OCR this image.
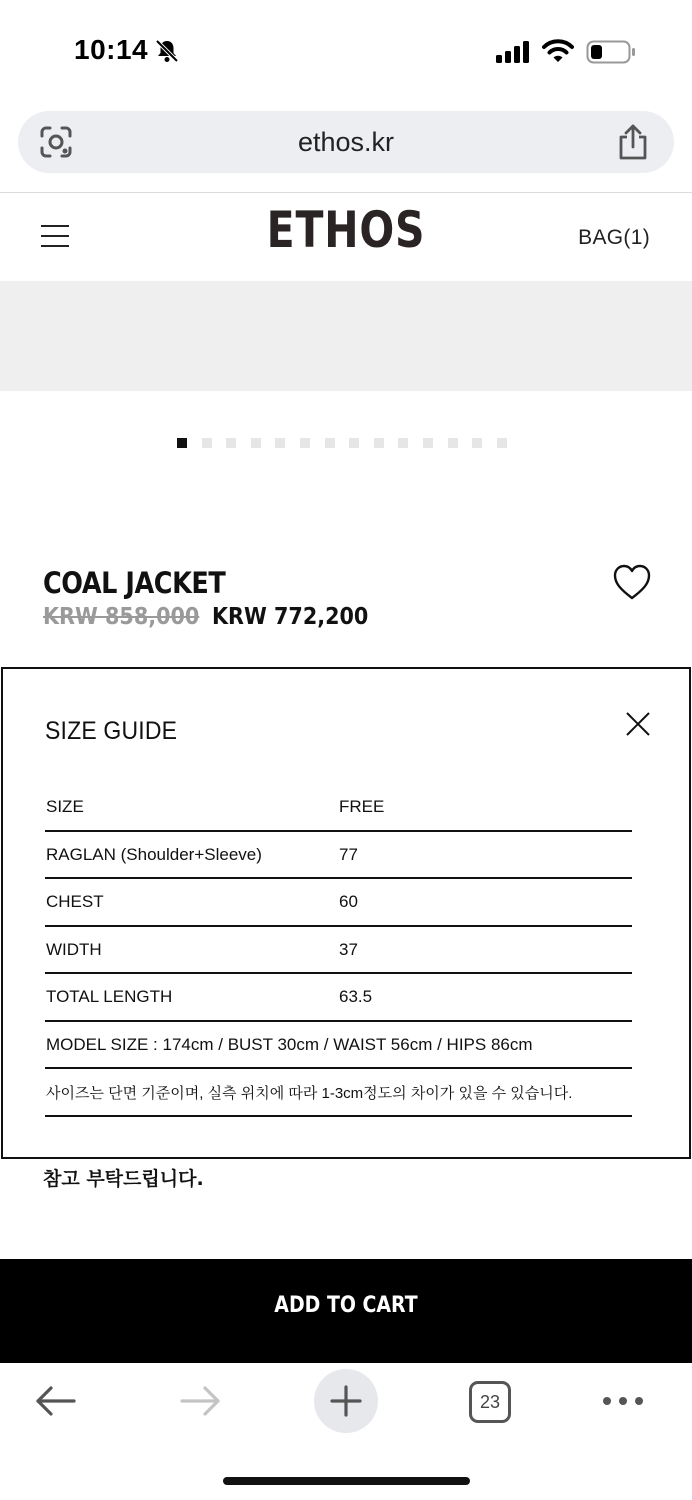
10:14
ethos.kr
ETHOS	BAG(1)
COAL JACKET
KRW 858,000 KRW 772,200
SIZE GUIDE
SIZE	FREE
RAGLAN (Shoulder+Sleeve)	77
CHEST	60
WIDTH	37
TOTAL LENGTH	63.5
MODEL SIZE : 174cm / BUST 30cm / WAIST 56cm / HIPS 86cm
사이즈는 단면 기준이며, 실측 위치에 따라 1-3cm정도의 차이가 있을 수 있습니다.
참고 부탁드립니다.
ADD TO CART
23
